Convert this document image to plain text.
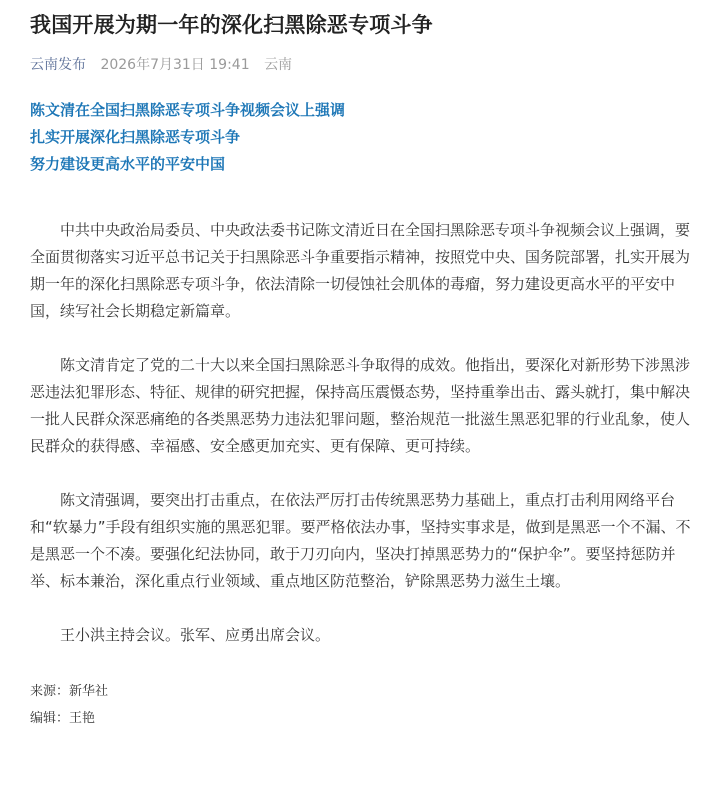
我国开展为期一年的深化扫黑除恶专项斗争
云南发布 2026年7月31日 19:41 云南
陈文清在全国扫黑除恶专项斗争视频会议上强调
扎实开展深化扫黑除恶专项斗争
努力建设更高水平的平安中国

中共中央政治局委员、中央政法委书记陈文清近日在全国扫黑除恶专项斗争视频会议上强调，要全面贯彻落实习近平总书记关于扫黑除恶斗争重要指示精神，按照党中央、国务院部署，扎实开展为期一年的深化扫黑除恶专项斗争，依法清除一切侵蚀社会肌体的毒瘤，努力建设更高水平的平安中国，续写社会长期稳定新篇章。

陈文清肯定了党的二十大以来全国扫黑除恶斗争取得的成效。他指出，要深化对新形势下涉黑涉恶违法犯罪形态、特征、规律的研究把握，保持高压震慑态势，坚持重拳出击、露头就打，集中解决一批人民群众深恶痛绝的各类黑恶势力违法犯罪问题，整治规范一批滋生黑恶犯罪的行业乱象，使人民群众的获得感、幸福感、安全感更加充实、更有保障、更可持续。

陈文清强调，要突出打击重点，在依法严厉打击传统黑恶势力基础上，重点打击利用网络平台和“软暴力”手段有组织实施的黑恶犯罪。要严格依法办事，坚持实事求是，做到是黑恶一个不漏、不是黑恶一个不凑。要强化纪法协同，敢于刀刃向内，坚决打掉黑恶势力的“保护伞”。要坚持惩防并举、标本兼治，深化重点行业领域、重点地区防范整治，铲除黑恶势力滋生土壤。

王小洪主持会议。张军、应勇出席会议。

来源：新华社
编辑：王艳
